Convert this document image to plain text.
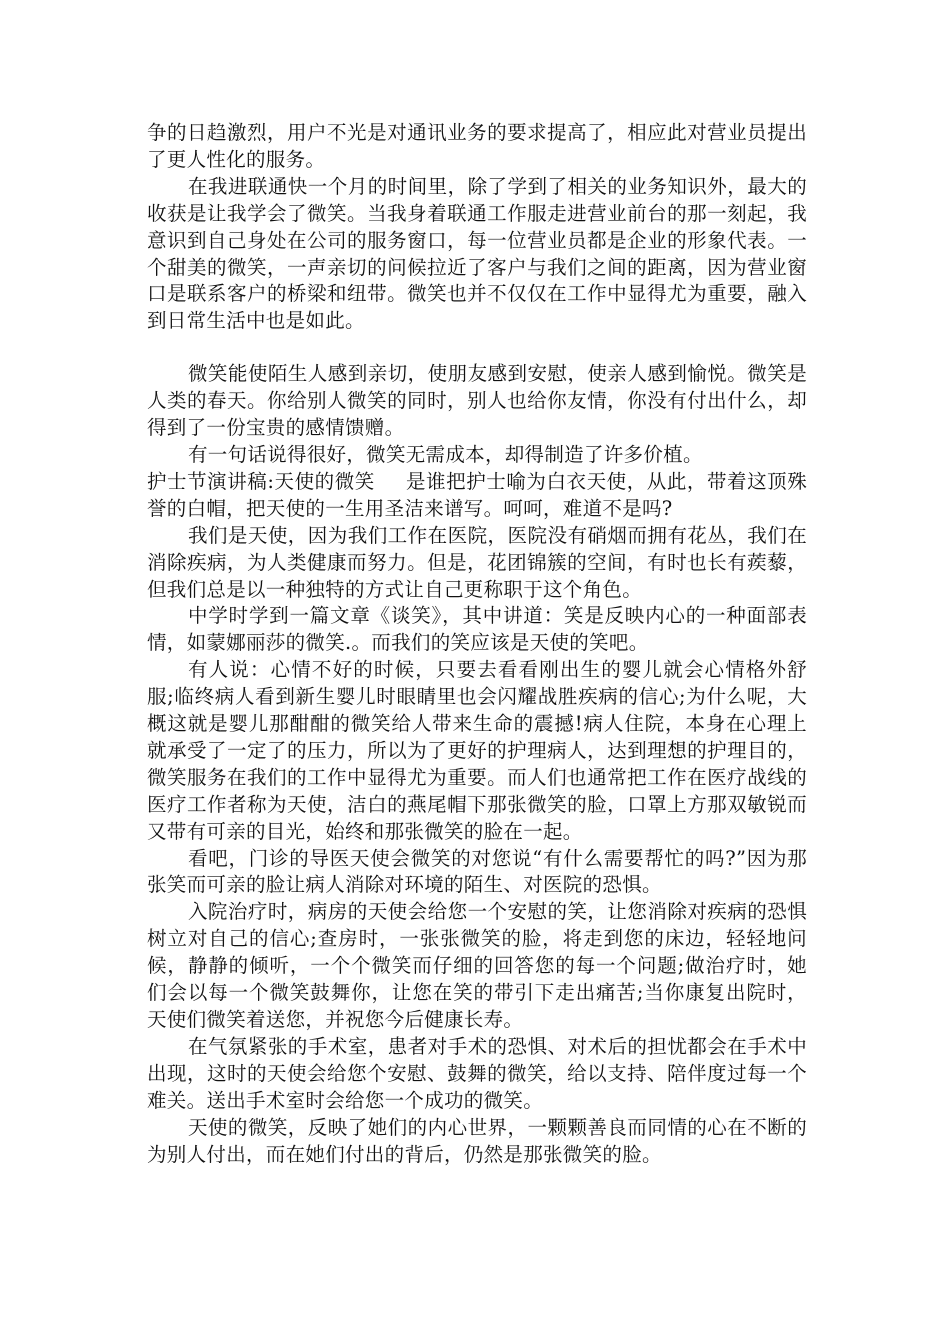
争的日趋激烈，用户不光是对通讯业务的要求提高了，相应此对营业员提出了更人性化的服务。

在我进联通快一个月的时间里，除了学到了相关的业务知识外，最大的收获是让我学会了微笑。当我身着联通工作服走进营业前台的那一刻起，我意识到自己身处在公司的服务窗口，每一位营业员都是企业的形象代表。一个甜美的微笑，一声亲切的问候拉近了客户与我们之间的距离，因为营业窗口是联系客户的桥梁和纽带。微笑也并不仅仅在工作中显得尤为重要，融入到日常生活中也是如此。

微笑能使陌生人感到亲切，使朋友感到安慰，使亲人感到愉悦。微笑是人类的春天。你给别人微笑的同时，别人也给你友情，你没有付出什么，却得到了一份宝贵的感情馈赠。

有一句话说得很好，微笑无需成本，却得制造了许多价植。

护士节演讲稿:天使的微笑 是谁把护士喻为白衣天使，从此，带着这顶殊誉的白帽，把天使的一生用圣洁来谱写。呵呵，难道不是吗?

我们是天使，因为我们工作在医院，医院没有硝烟而拥有花丛，我们在消除疾病，为人类健康而努力。但是，花团锦簇的空间，有时也长有蒺藜，但我们总是以一种独特的方式让自己更称职于这个角色。

中学时学到一篇文章《谈笑》，其中讲道：笑是反映内心的一种面部表情，如蒙娜丽莎的微笑.。而我们的笑应该是天使的笑吧。

有人说：心情不好的时候，只要去看看刚出生的婴儿就会心情格外舒服;临终病人看到新生婴儿时眼睛里也会闪耀战胜疾病的信心;为什么呢，大概这就是婴儿那酣酣的微笑给人带来生命的震撼!病人住院，本身在心理上就承受了一定了的压力，所以为了更好的护理病人，达到理想的护理目的，微笑服务在我们的工作中显得尤为重要。而人们也通常把工作在医疗战线的医疗工作者称为天使，洁白的燕尾帽下那张微笑的脸，口罩上方那双敏锐而又带有可亲的目光，始终和那张微笑的脸在一起。

看吧，门诊的导医天使会微笑的对您说“有什么需要帮忙的吗?”因为那张笑而可亲的脸让病人消除对环境的陌生、对医院的恐惧。

入院治疗时，病房的天使会给您一个安慰的笑，让您消除对疾病的恐惧树立对自己的信心;查房时，一张张微笑的脸，将走到您的床边，轻轻地问候，静静的倾听，一个个微笑而仔细的回答您的每一个问题;做治疗时，她们会以每一个微笑鼓舞你，让您在笑的带引下走出痛苦;当你康复出院时，天使们微笑着送您，并祝您今后健康长寿。

在气氛紧张的手术室，患者对手术的恐惧、对术后的担忧都会在手术中出现，这时的天使会给您个安慰、鼓舞的微笑，给以支持、陪伴度过每一个难关。送出手术室时会给您一个成功的微笑。

天使的微笑，反映了她们的内心世界，一颗颗善良而同情的心在不断的为别人付出，而在她们付出的背后，仍然是那张微笑的脸。
